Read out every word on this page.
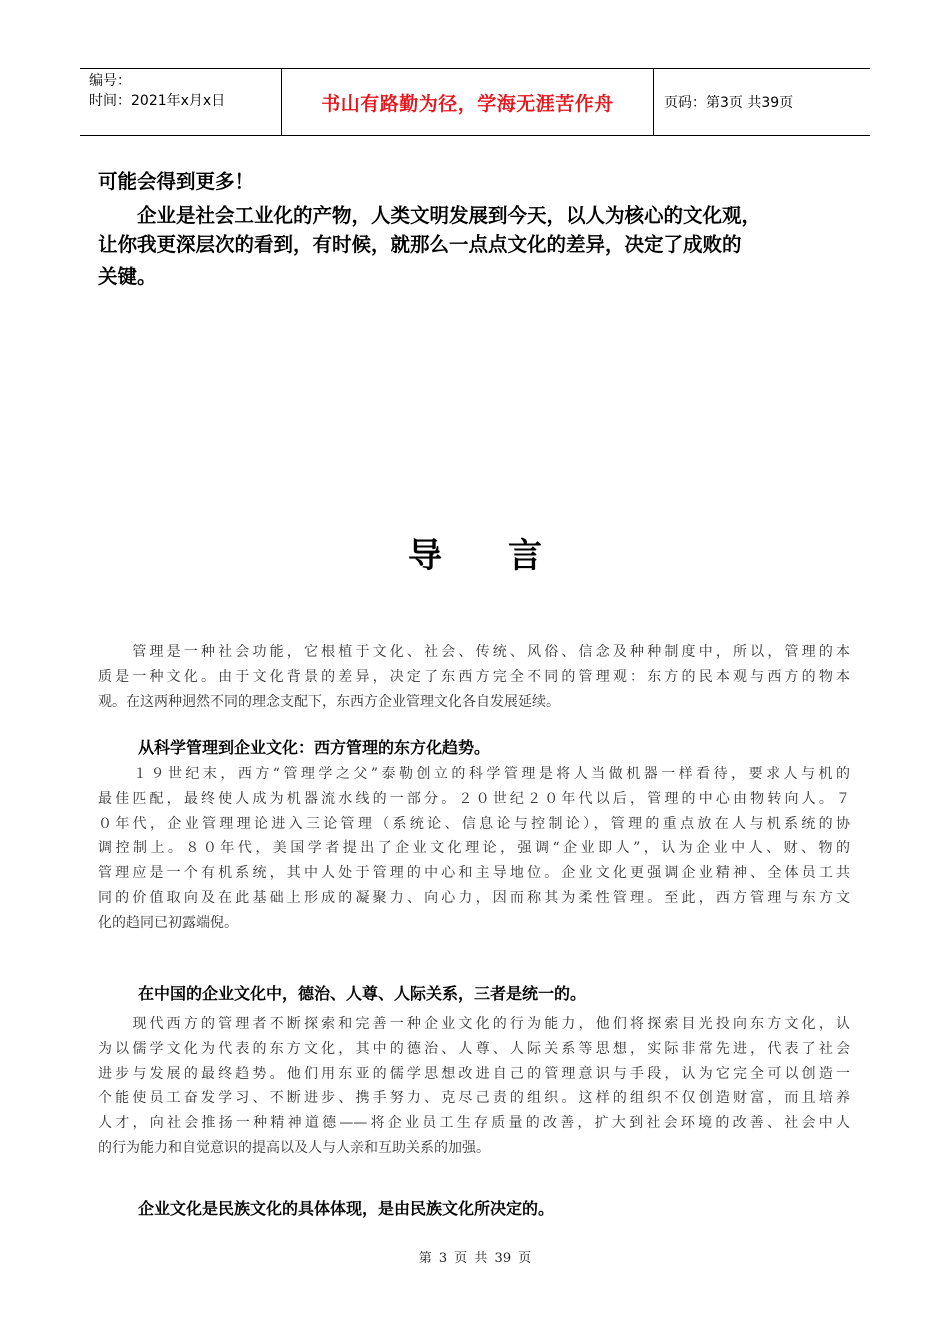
编号：
时间：2021年x月x日	书山有路勤为径，学海无涯苦作舟	页码：第3页 共39页
可能会得到更多！
　　企业是社会工业化的产物，人类文明发展到今天，以人为核心的文化观，
让你我更深层次的看到，有时候，就那么一点点文化的差异，决定了成败的
关键。
导言
　　管理是一种社会功能，它根植于文化、社会、传统、风俗、信念及种种制度中，所以，管理的本
质是一种文化。由于文化背景的差异，决定了东西方完全不同的管理观：东方的民本观与西方的物本
观。在这两种迥然不同的理念支配下，东西方企业管理文化各自发展延续。
从科学管理到企业文化：西方管理的东方化趋势。
　　１９世纪末，西方“管理学之父”泰勒创立的科学管理是将人当做机器一样看待，要求人与机的
最佳匹配，最终使人成为机器流水线的一部分。２０世纪２０年代以后，管理的中心由物转向人。７
０年代，企业管理理论进入三论管理（系统论、信息论与控制论），管理的重点放在人与机系统的协
调控制上。８０年代，美国学者提出了企业文化理论，强调“企业即人”，认为企业中人、财、物的
管理应是一个有机系统，其中人处于管理的中心和主导地位。企业文化更强调企业精神、全体员工共
同的价值取向及在此基础上形成的凝聚力、向心力，因而称其为柔性管理。至此，西方管理与东方文
化的趋同已初露端倪。
在中国的企业文化中，德治、人尊、人际关系，三者是统一的。
　　现代西方的管理者不断探索和完善一种企业文化的行为能力，他们将探索目光投向东方文化，认
为以儒学文化为代表的东方文化，其中的德治、人尊、人际关系等思想，实际非常先进，代表了社会
进步与发展的最终趋势。他们用东亚的儒学思想改进自己的管理意识与手段，认为它完全可以创造一
个能使员工奋发学习、不断进步、携手努力、克尽己责的组织。这样的组织不仅创造财富，而且培养
人才，向社会推扬一种精神道德——将企业员工生存质量的改善，扩大到社会环境的改善、社会中人
的行为能力和自觉意识的提高以及人与人亲和互助关系的加强。
企业文化是民族文化的具体体现，是由民族文化所决定的。
第 3 页 共 39 页
